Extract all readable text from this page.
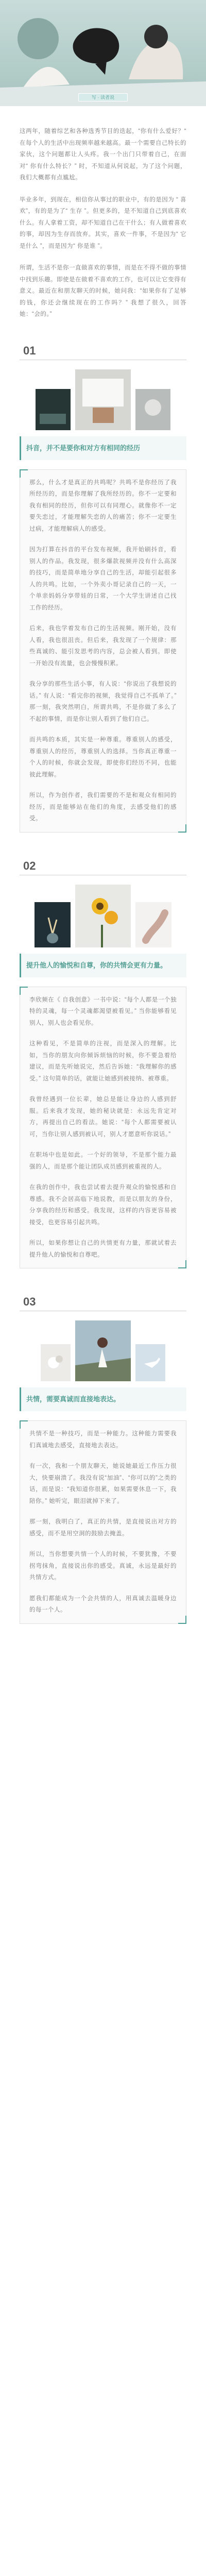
写 · 读者说

这两年，随着综艺和各种选秀节目的迭起，“你有什么爱好？“ 在每个人的生活中出现频率越来越高。最一个需要自己特长的家伙，这个问题都让人头疼。我一个出门只带着自己，在面对“ 你有什么特长？” 时，不知道从何说起，为了这个问题，我们大概都有点尴尬。

毕业多年，到现在，相信你从事过的职业中，有的是因为 “ 喜欢”，有的是为了“ 生存 ”。但更多的，是不知道自己到底喜欢什么。有人拿着工资，却不知道自己在干什么；有人做着喜欢的事，却因为生存而放弃。其实，喜欢一件事，不是因为“ 它是什么 ”，而是因为“ 你是谁 ”。

所谓，生活不是你一直做喜欢的事情，而是在不得不做的事情中找到乐趣。即使是在做着不喜欢的工作，也可以让它变得有意义。最近在和朋友聊天的时候，她问我：“如果你有了足够的钱，你还会继续现在的工作吗？” 我想了很久，回答她：“会的。”

01
抖音，并不是要你和对方有相同的经历

那么，什么才是真正的共鸣呢？共鸣不是你经历了我所经历的，而是你理解了我所经历的。你不一定要和我有相同的经历，但你可以有同理心。就像你不一定要失恋过，才能理解失恋的人的痛苦；你不一定要生过病，才能理解病人的感受。

因为打算在抖音的平台发布视频，我开始刷抖音，看别人的作品。我发现，很多爆款视频并没有什么高深的技巧，而是简单地分享自己的生活，却能引起很多人的共鸣。比如，一个外卖小哥记录自己的一天，一个单亲妈妈分享带娃的日常，一个大学生讲述自己找工作的经历。

后来，我也学着发布自己的生活视频。刚开始，没有人看，我也很沮丧。但后来，我发现了一个规律：那些真诚的、能引发思考的内容，总会被人看到。即使一开始没有流量，也会慢慢积累。

我分享的那些生活小事，有人说：“你说出了我想说的话。” 有人说：“看完你的视频，我觉得自己不孤单了。” 那一刻，我突然明白，所谓共鸣，不是你做了多么了不起的事情，而是你让别人看到了他们自己。

而共鸣的本质，其实是一种尊重。尊重别人的感受，尊重别人的经历，尊重别人的选择。当你真正尊重一个人的时候，你就会发现，即使你们经历不同，也能彼此理解。

所以，作为创作者，我们需要的不是和观众有相同的经历，而是能够站在他们的角度，去感受他们的感受。

02
提升他人的愉悦和自尊，你的共情会更有力量。

李欣频在《 自我创意》一书中说：“每个人都是一个独特的灵魂，每一个灵魂都渴望被看见。” 当你能够看见别人，别人也会看见你。

这种看见，不是简单的注视，而是深入的理解。比如，当你的朋友向你倾诉烦恼的时候，你不要急着给建议，而是先听她说完，然后告诉她：“我理解你的感受。” 这句简单的话，就能让她感到被接纳、被尊重。

我曾经遇到一位长辈，她总是能让身边的人感到舒服。后来我才发现，她的秘诀就是：永远先肯定对方，再提出自己的看法。她说：“每个人都需要被认可，当你让别人感到被认可，别人才愿意听你说话。”

在职场中也是如此。一个好的领导，不是那个能力最强的人，而是那个能让团队成员感到被重视的人。

在我的创作中，我也尝试着去提升观众的愉悦感和自尊感。我不会居高临下地说教，而是以朋友的身份，分享我的经历和感受。我发现，这样的内容更容易被接受，也更容易引起共鸣。

所以，如果你想让自己的共情更有力量，那就试着去提升他人的愉悦和自尊吧。

03
共情，需要真诚而直接地表达。

共情不是一种技巧，而是一种能力。这种能力需要我们真诚地去感受，直接地去表达。

有一次，我和一个朋友聊天，她说她最近工作压力很大，快要崩溃了。我没有说“加油”、“你可以的”之类的话，而是说：“我知道你很累，如果需要休息一下，我陪你。” 她听完，眼泪就掉下来了。

那一刻，我明白了，真正的共情，是直接说出对方的感受，而不是用空洞的鼓励去掩盖。

所以，当你想要共情一个人的时候，不要犹豫，不要拐弯抹角，直接说出你的感受。真诚，永远是最好的共情方式。

愿我们都能成为一个会共情的人，用真诚去温暖身边的每一个人。
